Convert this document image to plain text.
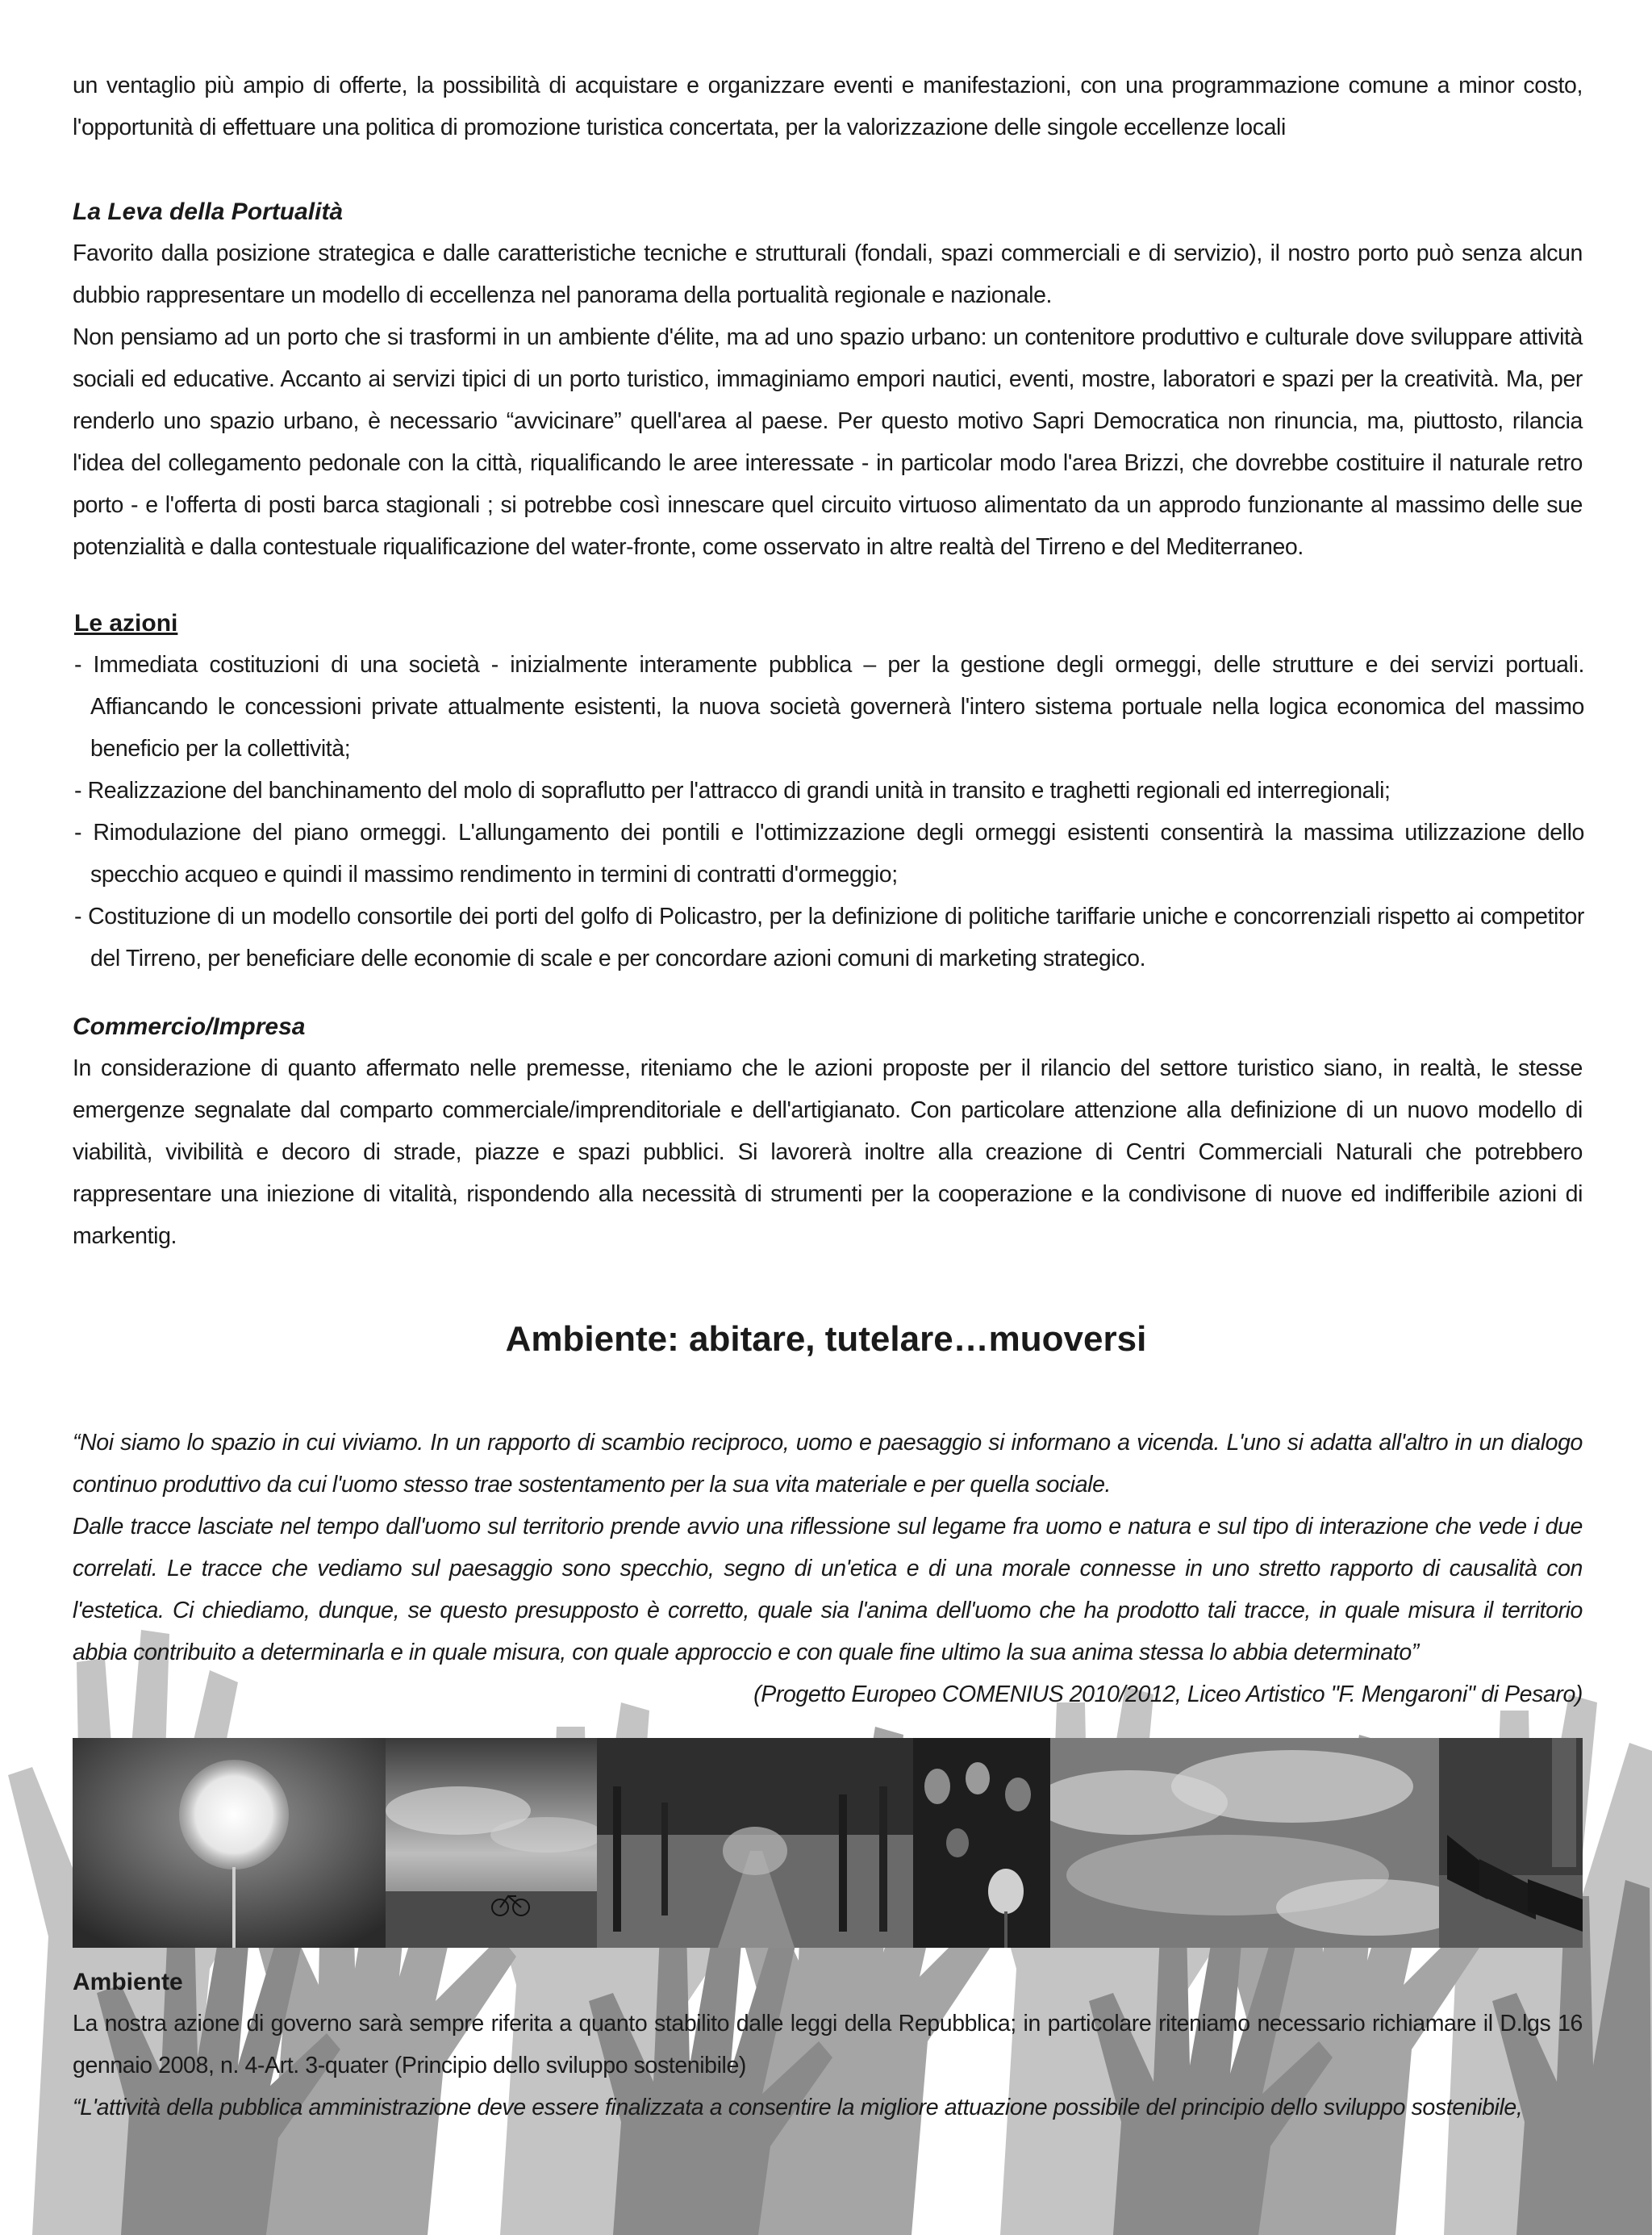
un ventaglio più ampio di offerte, la possibilità di acquistare e organizzare eventi e manifestazioni, con una programmazione comune a minor costo, l'opportunità di effettuare una politica di promozione turistica concertata, per la valorizzazione delle singole eccellenze locali

La Leva della Portualità

Favorito dalla posizione strategica e dalle caratteristiche tecniche e strutturali (fondali, spazi commerciali e di servizio), il nostro porto può senza alcun dubbio rappresentare un modello di eccellenza nel panorama della portualità regionale e nazionale.

Non pensiamo ad un porto che si trasformi in un ambiente d'élite, ma ad uno spazio urbano: un contenitore produttivo e culturale dove sviluppare attività sociali ed educative. Accanto ai servizi tipici di un porto turistico, immaginiamo empori nautici, eventi, mostre, laboratori e spazi per la creatività. Ma, per renderlo uno spazio urbano, è necessario “avvicinare” quell'area al paese. Per questo motivo Sapri Democratica non rinuncia, ma, piuttosto, rilancia l'idea del collegamento pedonale con la città, riqualificando le aree interessate - in particolar modo l'area Brizzi, che dovrebbe costituire il naturale retro porto - e l'offerta di posti barca stagionali ; si potrebbe così innescare quel circuito virtuoso alimentato da un approdo funzionante al massimo delle sue potenzialità e dalla contestuale riqualificazione del water-fronte, come osservato in altre realtà del Tirreno e del Mediterraneo.

Le azioni

- Immediata costituzioni di una società - inizialmente interamente pubblica – per la gestione degli ormeggi, delle strutture e dei servizi portuali. Affiancando le concessioni private attualmente esistenti, la nuova società governerà l'intero sistema portuale nella logica economica del massimo beneficio per la collettività;

- Realizzazione del banchinamento del molo di sopraflutto per l'attracco di grandi unità in transito e traghetti regionali ed interregionali;

- Rimodulazione del piano ormeggi. L'allungamento dei pontili e l'ottimizzazione degli ormeggi esistenti consentirà la massima utilizzazione dello specchio acqueo e quindi il massimo rendimento in termini di contratti d'ormeggio;

- Costituzione di un modello consortile dei porti del golfo di Policastro, per la definizione di politiche tariffarie uniche e concorrenziali rispetto ai competitor del Tirreno, per beneficiare delle economie di scale e per concordare azioni comuni di marketing strategico.

Commercio/Impresa

In considerazione di quanto affermato nelle premesse, riteniamo che le azioni proposte per il rilancio del settore turistico siano, in realtà, le stesse emergenze segnalate dal comparto commerciale/imprenditoriale e dell'artigianato. Con particolare attenzione alla definizione di un nuovo modello di viabilità, vivibilità e decoro di strade, piazze e spazi pubblici. Si lavorerà inoltre alla creazione di Centri Commerciali Naturali che potrebbero rappresentare una iniezione di vitalità, rispondendo alla necessità di strumenti per la cooperazione e la condivisone di nuove ed indifferibile azioni di markentig.

Ambiente: abitare, tutelare…muoversi

“Noi siamo lo spazio in cui viviamo. In un rapporto di scambio reciproco, uomo e paesaggio si informano a vicenda. L'uno si adatta all'altro in un dialogo continuo produttivo da cui l'uomo stesso trae sostentamento per la sua vita materiale e per quella sociale.

Dalle tracce lasciate nel tempo dall'uomo sul territorio prende avvio una riflessione sul legame fra uomo e natura e sul tipo di interazione che vede i due correlati. Le tracce che vediamo sul paesaggio sono specchio, segno di un'etica e di una morale connesse in uno stretto rapporto di causalità con l'estetica. Ci chiediamo, dunque, se questo presupposto è corretto, quale sia l'anima dell'uomo che ha prodotto tali tracce, in quale misura il territorio abbia contribuito a determinarla e in quale misura, con quale approccio e con quale fine ultimo la sua anima stessa lo abbia determinato”

(Progetto Europeo COMENIUS 2010/2012, Liceo Artistico "F. Mengaroni" di Pesaro)

Ambiente

La nostra azione di governo sarà sempre riferita a quanto stabilito dalle leggi della Repubblica; in particolare riteniamo necessario richiamare il D.lgs 16 gennaio 2008, n. 4-Art. 3-quater (Principio dello sviluppo sostenibile)

“L'attività della pubblica amministrazione deve essere finalizzata a consentire la migliore attuazione possibile del principio dello sviluppo sostenibile,
